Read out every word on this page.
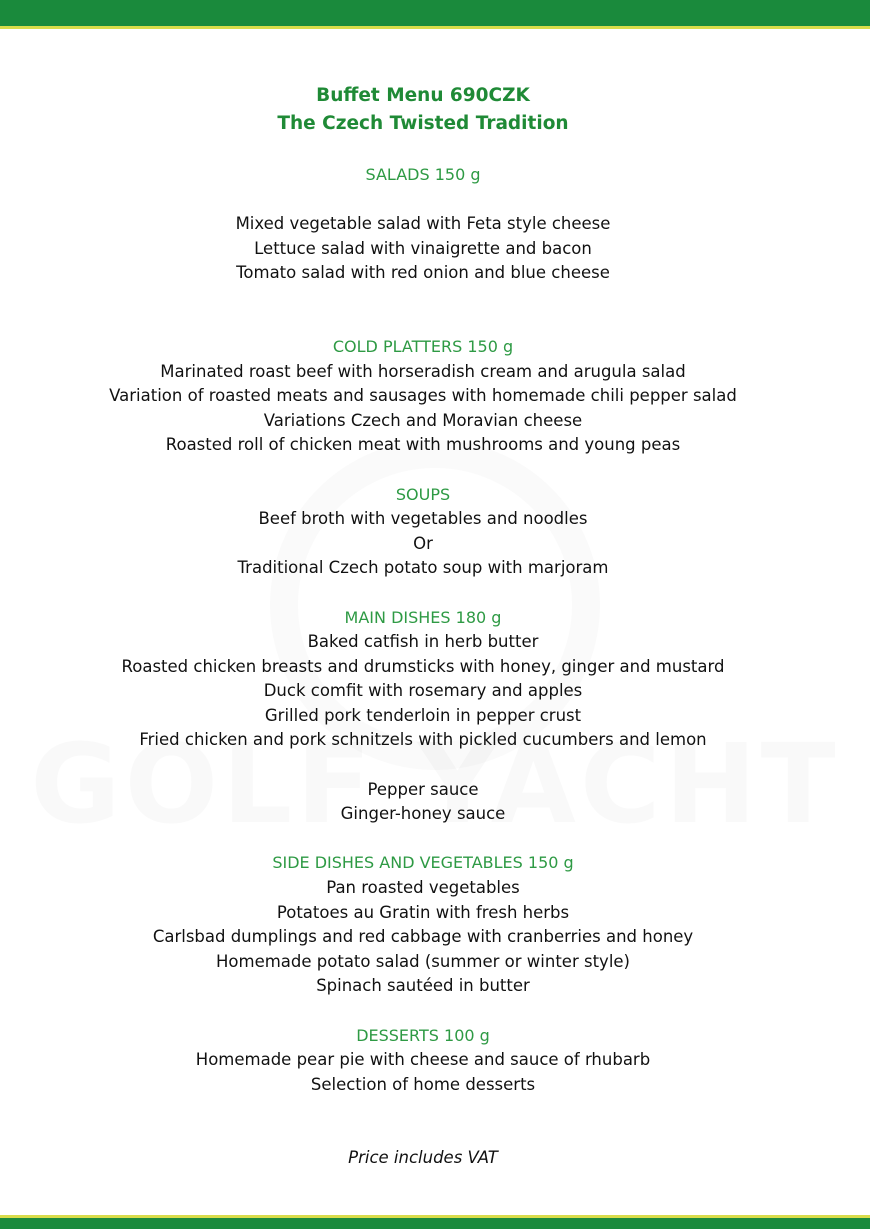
Buffet Menu 690CZK

The Czech Twisted Tradition

SALADS 150 g

Mixed vegetable salad with Feta style cheese

Lettuce salad with vinaigrette and bacon

Tomato salad with red onion and blue cheese

COLD PLATTERS 150 g

Marinated roast beef with horseradish cream and arugula salad

Variation of roasted meats and sausages with homemade chili pepper salad

Variations Czech and Moravian cheese

Roasted roll of chicken meat with mushrooms and young peas

SOUPS

Beef broth with vegetables and noodles

Or

Traditional Czech potato soup with marjoram

MAIN DISHES 180 g

Baked catfish in herb butter

Roasted chicken breasts and drumsticks with honey, ginger and mustard

Duck comfit with rosemary and apples

Grilled pork tenderloin in pepper crust

Fried chicken and pork schnitzels with pickled cucumbers and lemon

Pepper sauce

Ginger-honey sauce

SIDE DISHES AND VEGETABLES 150 g

Pan roasted vegetables

Potatoes au Gratin with fresh herbs

Carlsbad dumplings and red cabbage with cranberries and honey

Homemade potato salad (summer or winter style)

Spinach sautéed in butter

DESSERTS 100 g

Homemade pear pie with cheese and sauce of rhubarb

Selection of home desserts

Price includes VAT
